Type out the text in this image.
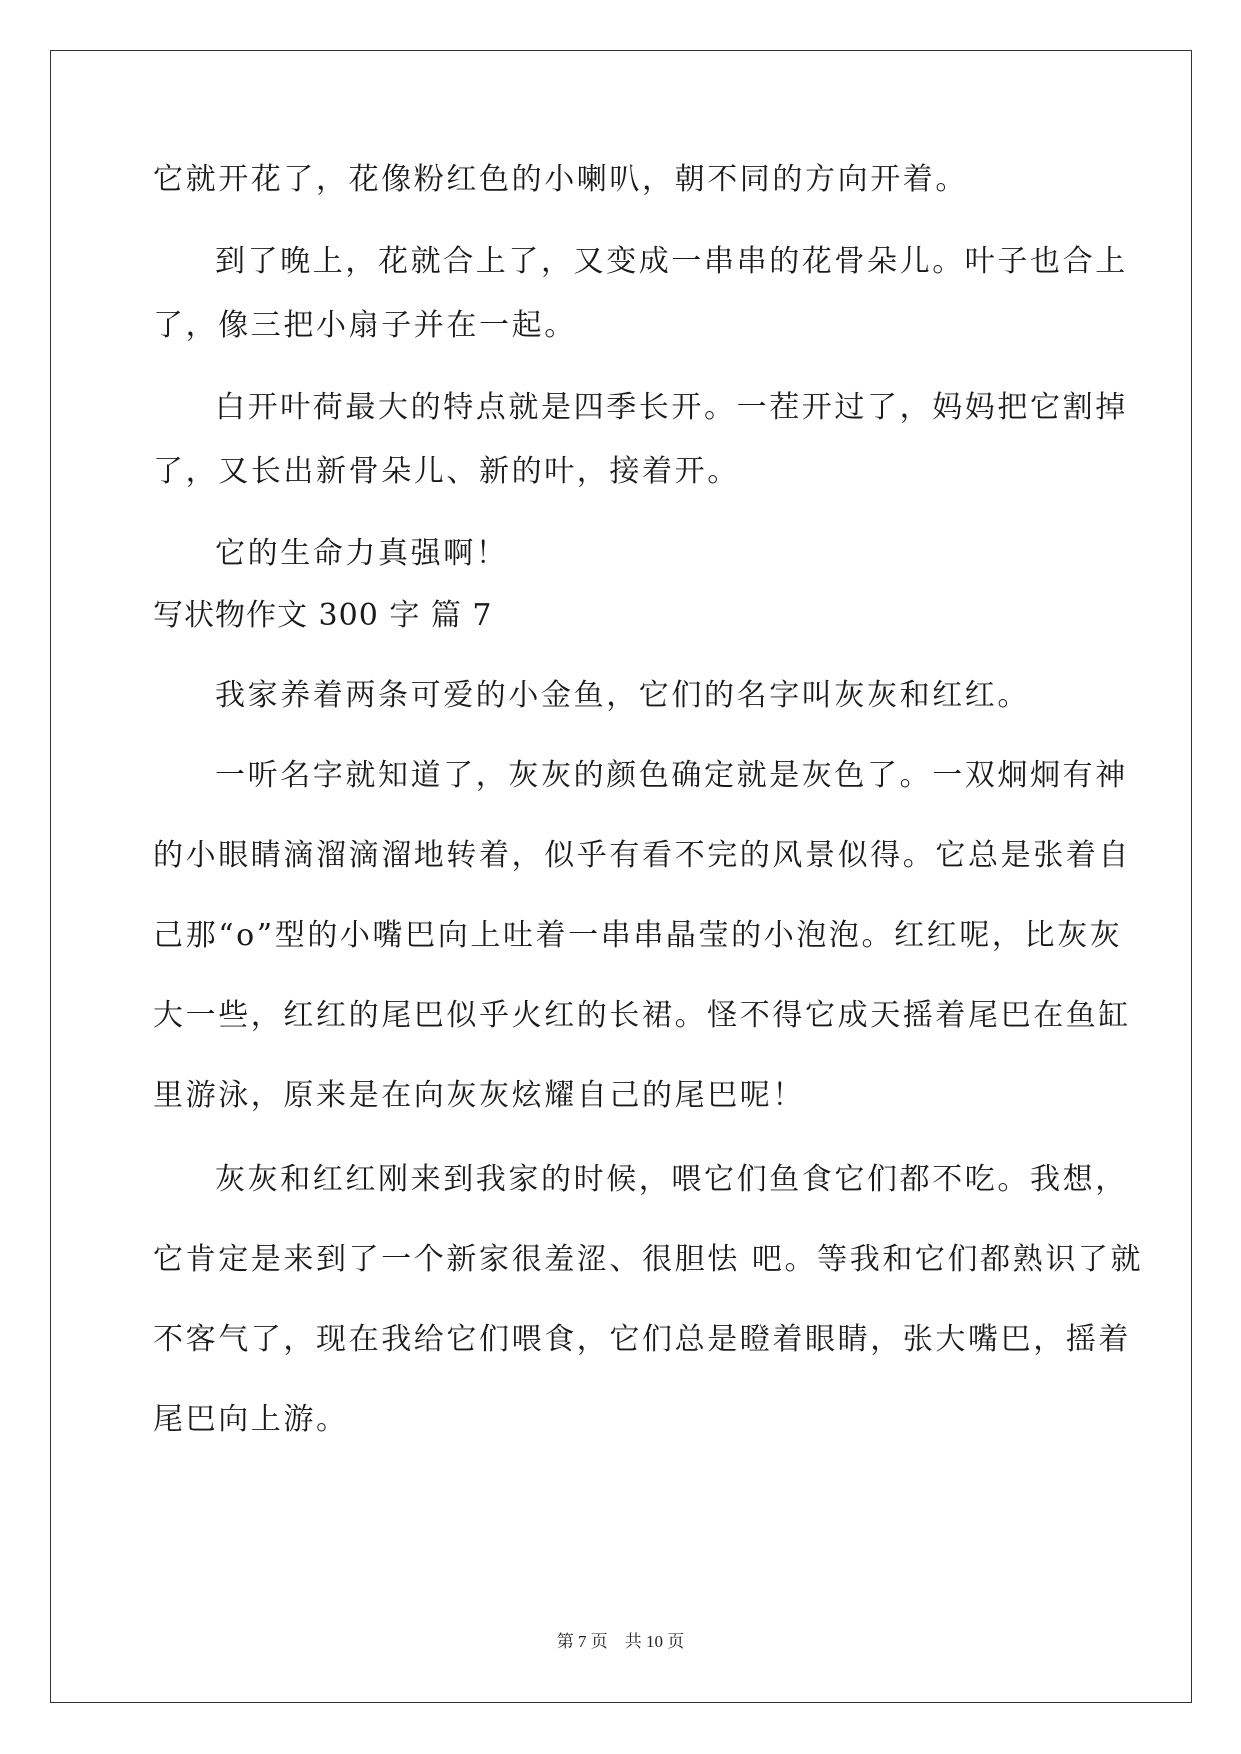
它就开花了，花像粉红色的小喇叭，朝不同的方向开着。
到了晚上，花就合上了，又变成一串串的花骨朵儿。叶子也合上
了，像三把小扇子并在一起。
白开叶荷最大的特点就是四季长开。一茬开过了，妈妈把它割掉
了，又长出新骨朵儿、新的叶，接着开。
它的生命力真强啊！
写状物作文 300 字 篇 7
我家养着两条可爱的小金鱼，它们的名字叫灰灰和红红。
一听名字就知道了，灰灰的颜色确定就是灰色了。一双炯炯有神
的小眼睛滴溜滴溜地转着，似乎有看不完的风景似得。它总是张着自
己那“o”型的小嘴巴向上吐着一串串晶莹的小泡泡。红红呢，比灰灰
大一些，红红的尾巴似乎火红的长裙。怪不得它成天摇着尾巴在鱼缸
里游泳，原来是在向灰灰炫耀自己的尾巴呢！
灰灰和红红刚来到我家的时候，喂它们鱼食它们都不吃。我想，
它肯定是来到了一个新家很羞涩、很胆怯 吧。等我和它们都熟识了就
不客气了，现在我给它们喂食，它们总是瞪着眼睛，张大嘴巴，摇着
尾巴向上游。
第 7 页　共 10 页
